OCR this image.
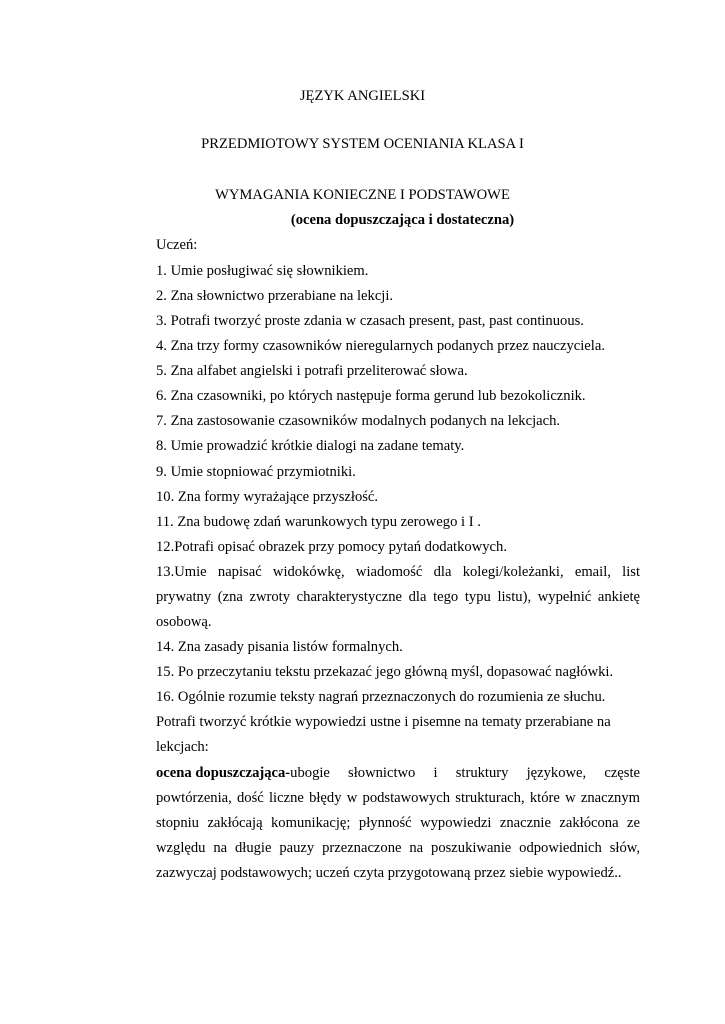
JĘZYK ANGIELSKI
PRZEDMIOTOWY SYSTEM OCENIANIA KLASA I
WYMAGANIA KONIECZNE I PODSTAWOWE
(ocena dopuszczająca i dostateczna)
Uczeń:
1. Umie posługiwać się słownikiem.
2. Zna słownictwo przerabiane na lekcji.
3. Potrafi tworzyć proste zdania w czasach present, past, past continuous.
4. Zna trzy formy czasowników nieregularnych podanych przez nauczyciela.
5. Zna alfabet angielski i potrafi przeliterować słowa.
6. Zna czasowniki, po których następuje forma gerund lub bezokolicznik.
7. Zna zastosowanie czasowników modalnych podanych na lekcjach.
8. Umie prowadzić krótkie dialogi na zadane tematy.
9. Umie stopniować przymiotniki.
10. Zna formy wyrażające przyszłość.
11. Zna budowę zdań warunkowych typu zerowego i I .
12.Potrafi opisać obrazek przy pomocy pytań dodatkowych.
13.Umie napisać widokówkę, wiadomość dla kolegi/koleżanki, email, list
prywatny (zna zwroty charakterystyczne dla tego typu listu), wypełnić ankietę
osobową.
14. Zna zasady pisania listów formalnych.
15. Po przeczytaniu tekstu przekazać jego główną myśl, dopasować nagłówki.
16. Ogólnie rozumie teksty nagrań przeznaczonych do rozumienia ze słuchu.
Potrafi tworzyć krótkie wypowiedzi ustne i pisemne na tematy przerabiane na
lekcjach:
ocena dopuszczająca- ubogie słownictwo i struktury językowe, częste
powtórzenia, dość liczne błędy w podstawowych strukturach, które w znacznym
stopniu zakłócają komunikację; płynność wypowiedzi znacznie zakłócona ze
względu na długie pauzy przeznaczone na poszukiwanie odpowiednich słów,
zazwyczaj podstawowych; uczeń czyta przygotowaną przez siebie wypowiedź..
